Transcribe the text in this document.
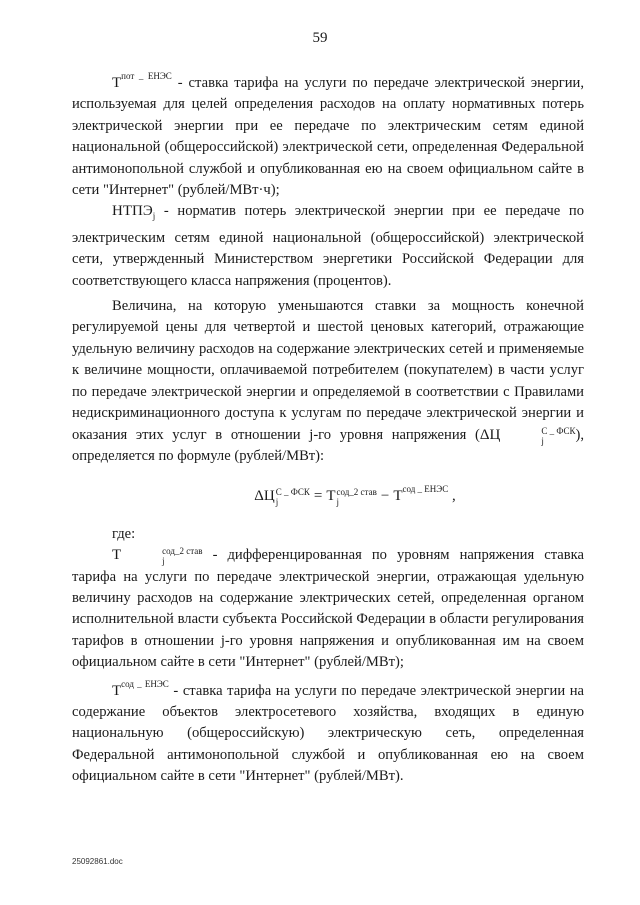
59

$T^{пот \_ ЕНЭС}$ - ставка тарифа на услуги по передаче электрической энергии, используемая для целей определения расходов на оплату нормативных потерь электрической энергии при ее передаче по электрическим сетям единой национальной (общероссийской) электрической сети, определенная Федеральной антимонопольной службой и опубликованная ею на своем официальном сайте в сети "Интернет" (рублей/МВт·ч);

$НТПЭ_j$ - норматив потерь электрической энергии при ее передаче по электрическим сетям единой национальной (общероссийской) электрической сети, утвержденный Министерством энергетики Российской Федерации для соответствующего класса напряжения (процентов).

Величина, на которую уменьшаются ставки за мощность конечной регулируемой цены для четвертой и шестой ценовых категорий, отражающие удельную величину расходов на содержание электрических сетей и применяемые к величине мощности, оплачиваемой потребителем (покупателем) в части услуг по передаче электрической энергии и определяемой в соответствии с Правилами недискриминационного доступа к услугам по передаче электрической энергии и оказания этих услуг в отношении j-го уровня напряжения (ΔЦ	С _ ФСК
j	), определяется по формуле (рублей/МВт):

ΔЦ С _ ФСК
j	= T сод_2 став
j	− $T^{сод \_ ЕНЭС}$ ,

где:

T	сод_2 став
j	- дифференцированная по уровням напряжения ставка тарифа на услуги по передаче электрической энергии, отражающая удельную величину расходов на содержание электрических сетей, определенная органом исполнительной власти субъекта Российской Федерации в области регулирования тарифов в отношении j-го уровня напряжения и опубликованная им на своем официальном сайте в сети "Интернет" (рублей/МВт);

$T^{сод \_ ЕНЭС}$ - ставка тарифа на услуги по передаче электрической энергии на содержание объектов электросетевого хозяйства, входящих в единую национальную (общероссийскую) электрическую сеть, определенная Федеральной антимонопольной службой и опубликованная ею на своем официальном сайте в сети "Интернет" (рублей/МВт).

25092861.doc
